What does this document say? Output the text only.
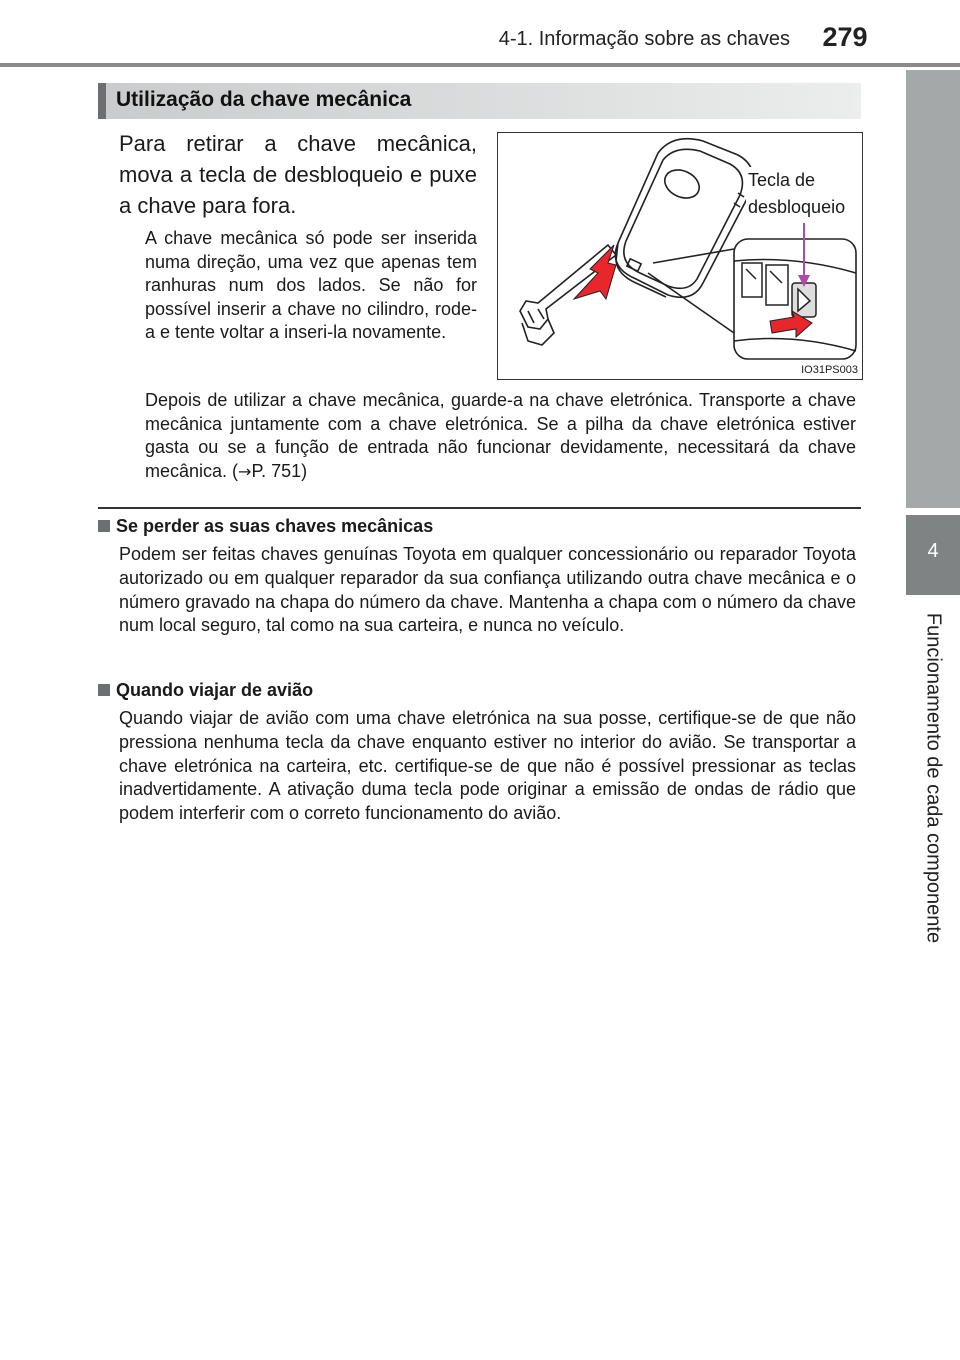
4-1. Informação sobre as chaves	279
4
Funcionamento de cada componente
Utilização da chave mecânica
Para retirar a chave mecânica, mova a tecla de desbloqueio e puxe a chave para fora.
A chave mecânica só pode ser inserida numa direção, uma vez que apenas tem ranhuras num dos lados. Se não for possível inserir a chave no cilindro, rode-a e tente voltar a inseri-la novamente.
Tecla de
desbloqueio
IO31PS003
Depois de utilizar a chave mecânica, guarde-a na chave eletrónica. Transporte a chave mecânica juntamente com a chave eletrónica. Se a pilha da chave eletrónica estiver gasta ou se a função de entrada não funcionar devidamente, necessitará da chave mecânica. (→P. 751)
Se perder as suas chaves mecânicas
Podem ser feitas chaves genuínas Toyota em qualquer concessionário ou reparador Toyota autorizado ou em qualquer reparador da sua confiança utilizando outra chave mecânica e o número gravado na chapa do número da chave. Mantenha a chapa com o número da chave num local seguro, tal como na sua carteira, e nunca no veículo.
Quando viajar de avião
Quando viajar de avião com uma chave eletrónica na sua posse, certifique-se de que não pressiona nenhuma tecla da chave enquanto estiver no interior do avião. Se transportar a chave eletrónica na carteira, etc. certifique-se de que não é possível pressionar as teclas inadvertidamente. A ativação duma tecla pode originar a emissão de ondas de rádio que podem interferir com o correto funcionamento do avião.
